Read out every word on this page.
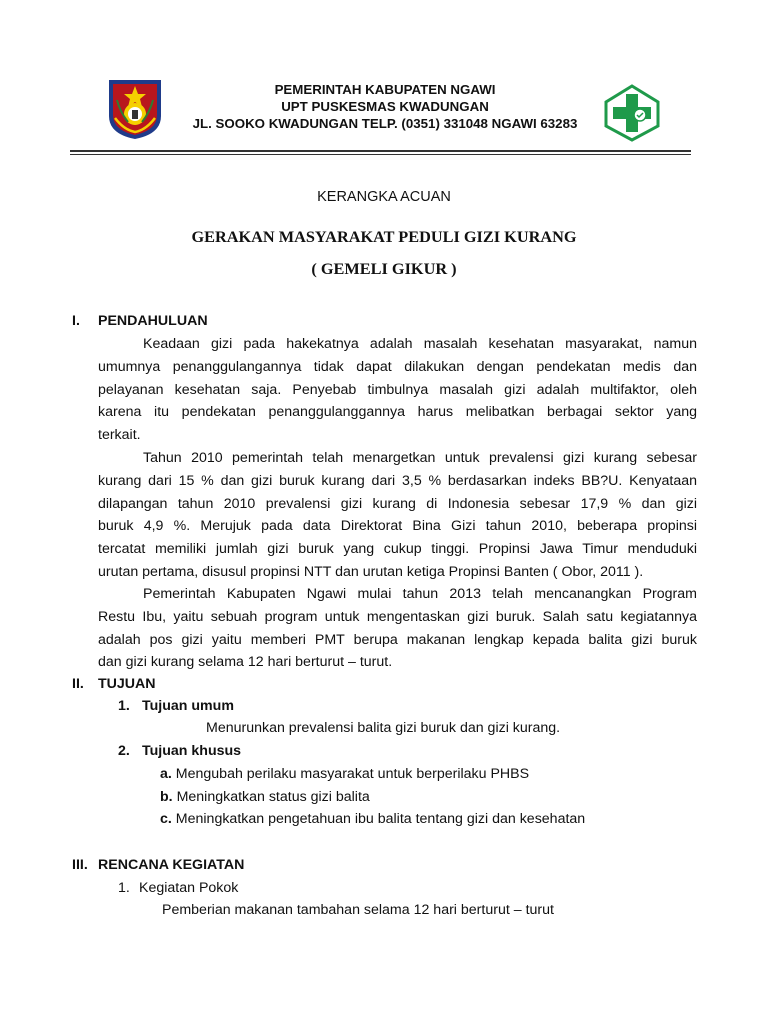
PEMERINTAH KABUPATEN NGAWI
UPT PUSKESMAS KWADUNGAN
JL. SOOKO KWADUNGAN TELP. (0351) 331048 NGAWI 63283
KERANGKA ACUAN
GERAKAN MASYARAKAT PEDULI GIZI KURANG
( GEMELI GIKUR )
I. PENDAHULUAN
Keadaan gizi pada hakekatnya adalah masalah kesehatan masyarakat, namun
umumnya penanggulangannya tidak dapat dilakukan dengan pendekatan medis dan
pelayanan kesehatan saja. Penyebab timbulnya masalah gizi adalah multifaktor, oleh
karena itu pendekatan penanggulanggannya harus melibatkan berbagai sektor yang
terkait.
Tahun 2010 pemerintah telah menargetkan untuk prevalensi gizi kurang sebesar
kurang dari 15 % dan gizi buruk kurang dari 3,5 % berdasarkan indeks BB?U. Kenyataan
dilapangan tahun 2010 prevalensi gizi kurang di Indonesia sebesar 17,9 % dan gizi
buruk 4,9 %. Merujuk pada data Direktorat Bina Gizi tahun 2010, beberapa propinsi
tercatat memiliki jumlah gizi buruk yang cukup tinggi. Propinsi Jawa Timur menduduki
urutan pertama, disusul propinsi NTT dan urutan ketiga Propinsi Banten ( Obor, 2011 ).
Pemerintah Kabupaten Ngawi mulai tahun 2013 telah mencanangkan Program
Restu Ibu, yaitu sebuah program untuk mengentaskan gizi buruk. Salah satu kegiatannya
adalah pos gizi yaitu memberi PMT berupa makanan lengkap kepada balita gizi buruk
dan gizi kurang selama 12 hari berturut – turut.
II. TUJUAN
1. Tujuan umum
Menurunkan prevalensi balita gizi buruk dan gizi kurang.
2. Tujuan khusus
a. Mengubah perilaku masyarakat untuk berperilaku PHBS
b. Meningkatkan status gizi balita
c. Meningkatkan pengetahuan ibu balita tentang gizi dan kesehatan
III. RENCANA KEGIATAN
1. Kegiatan Pokok
Pemberian makanan tambahan selama 12 hari berturut – turut
